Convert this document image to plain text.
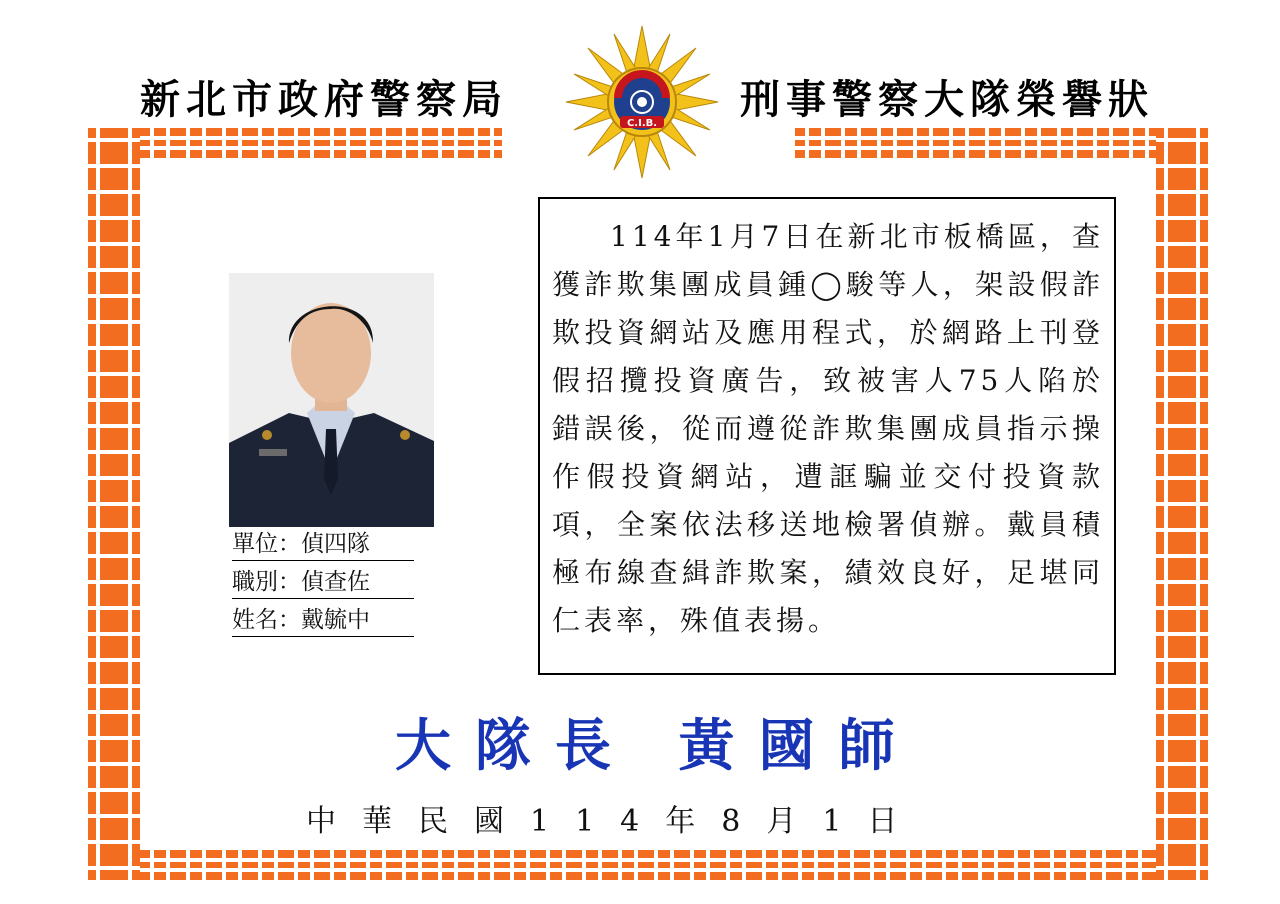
新北市政府警察局	刑事警察大隊榮譽狀
C.I.B.
單位：偵四隊
職別：偵查佐
姓名：戴毓中

114年1月7日在新北市板橋區，查獲詐欺集團成員鍾◯駿等人，架設假詐欺投資網站及應用程式，於網路上刊登假招攬投資廣告，致被害人75人陷於錯誤後，從而遵從詐欺集團成員指示操作假投資網站，遭誆騙並交付投資款項，全案依法移送地檢署偵辦。戴員積極布線查緝詐欺案，績效良好，足堪同仁表率，殊值表揚。

大隊長 黃國師
中華民國114年8月1日
